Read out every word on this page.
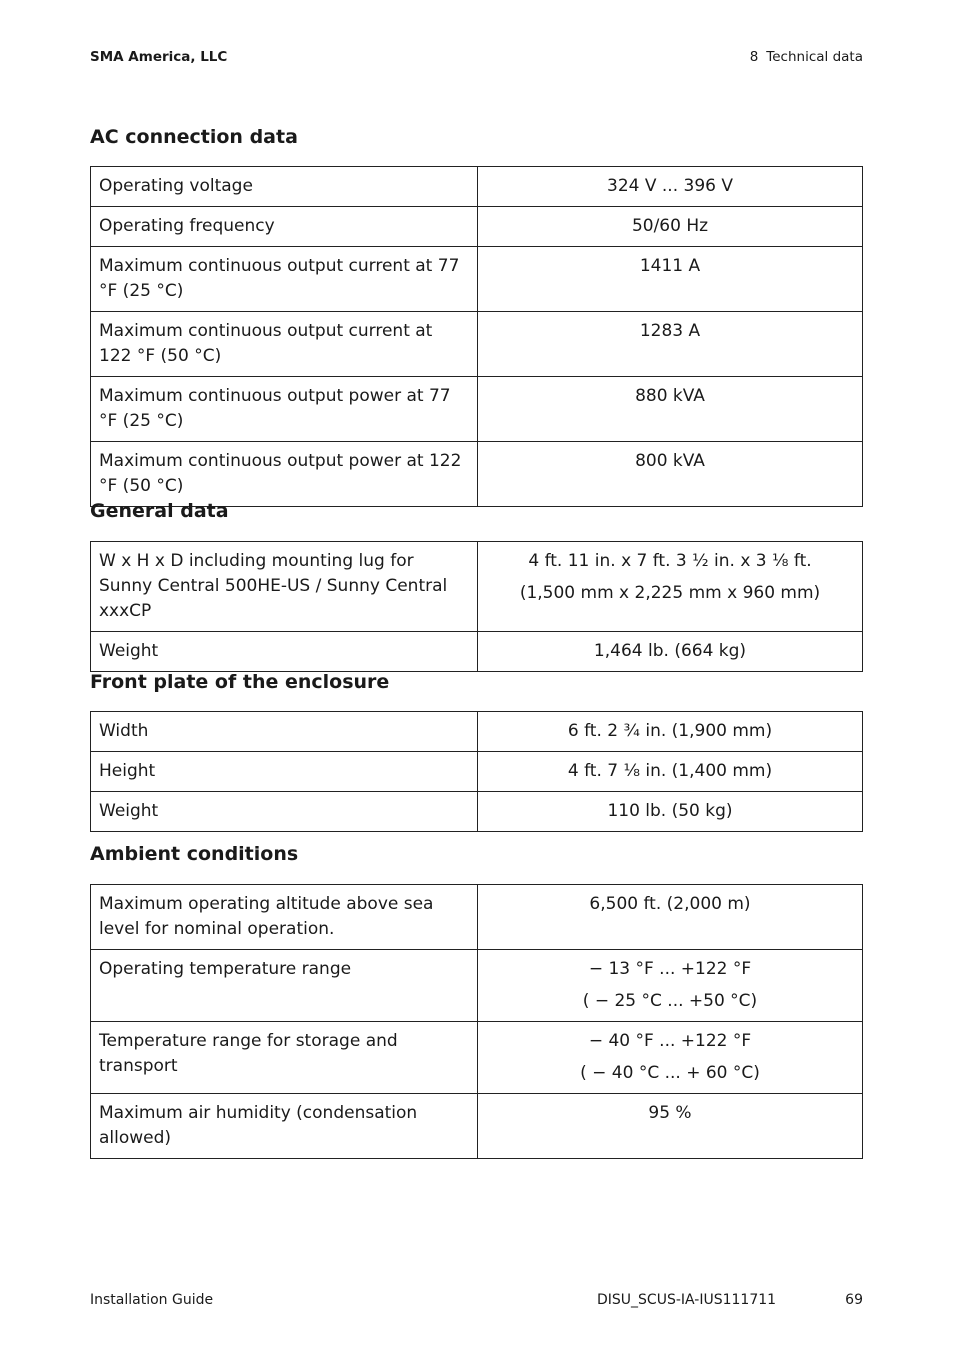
SMA America, LLC	8 Technical data
AC connection data
Operating voltage	324 V ... 396 V
Operating frequency	50/60 Hz
Maximum continuous output current at 77 °F (25 °C)	1411 A
Maximum continuous output current at 122 °F (50 °C)	1283 A
Maximum continuous output power at 77 °F (25 °C)	880 kVA
Maximum continuous output power at 122 °F (50 °C)	800 kVA
General data
W x H x D including mounting lug for Sunny Central 500HE-US / Sunny Central xxxCP	4 ft. 11 in. x 7 ft. 3 ½ in. x 3 ⅛ ft.
(1,500 mm x 2,225 mm x 960 mm)

Weight	1,464 lb. (664 kg)
Front plate of the enclosure
Width	6 ft. 2 ¾ in. (1,900 mm)
Height	4 ft. 7 ⅛ in. (1,400 mm)
Weight	110 lb. (50 kg)
Ambient conditions
Maximum operating altitude above sea level for nominal operation.	6,500 ft. (2,000 m)
Operating temperature range	− 13 °F ... +122 °F
( − 25 °C ... +50 °C)

Temperature range for storage and transport	− 40 °F ... +122 °F
( − 40 °C ... + 60 °C)

Maximum air humidity (condensation allowed)	95 %
Installation Guide	DISU_SCUS-IA-IUS111711	69
